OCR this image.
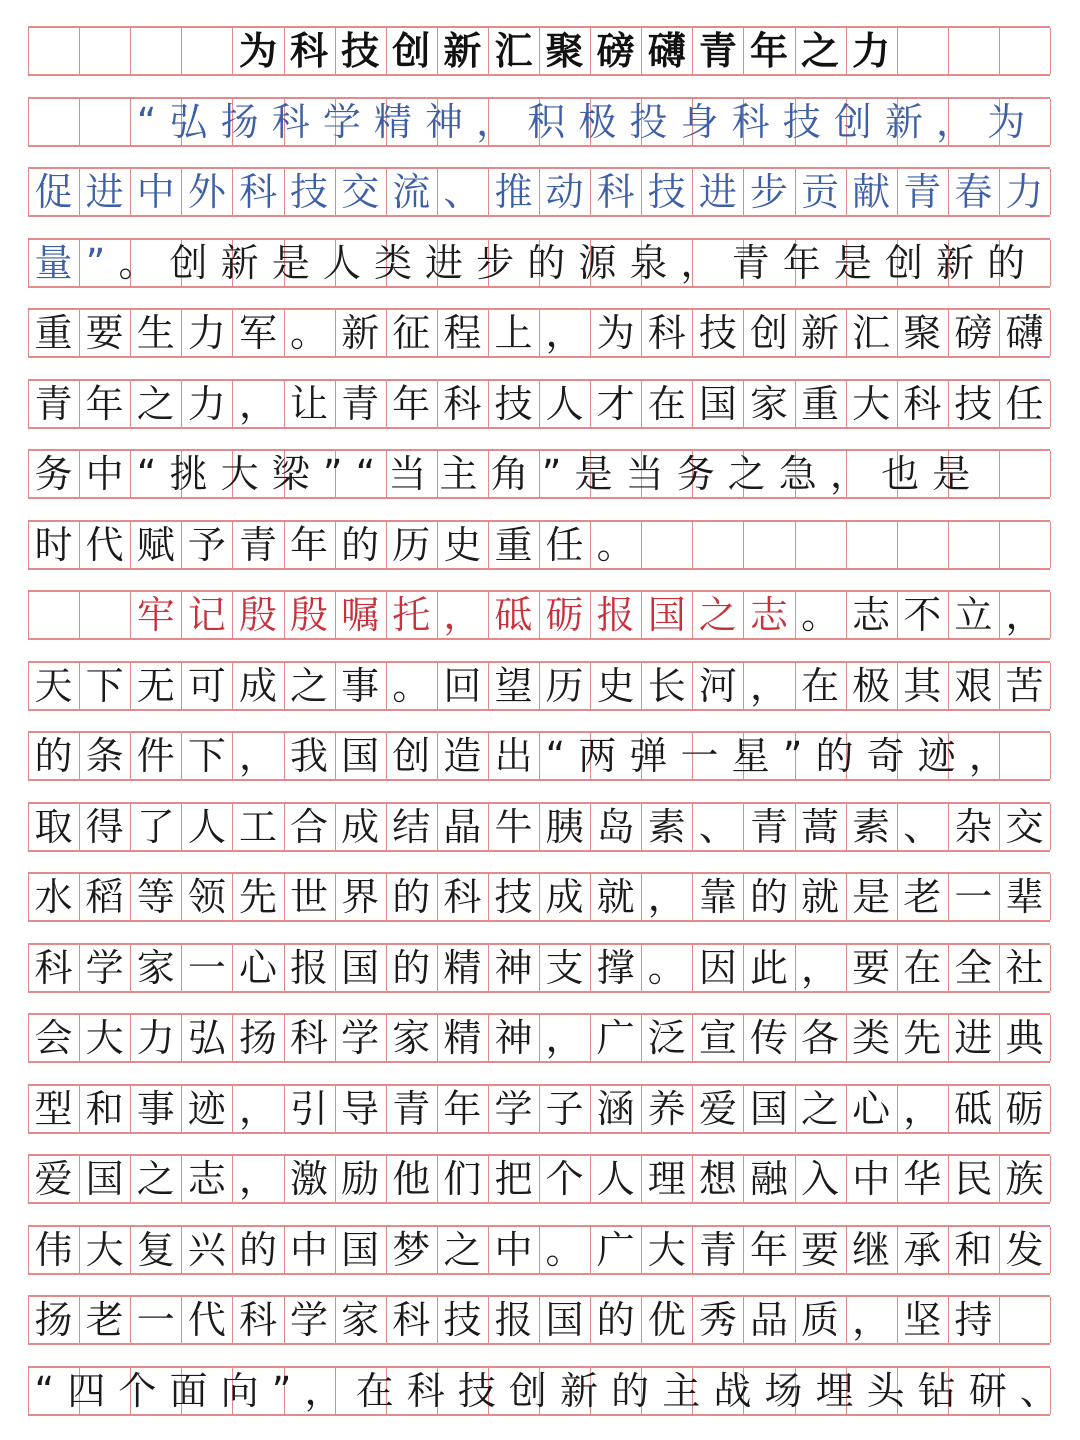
为科技创新汇聚磅礴青年之力
“弘扬科学精神，积极投身科技创新，为
促进中外科技交流、推动科技进步贡献青春力
量”。创新是人类进步的源泉，青年是创新的
重要生力军。新征程上，为科技创新汇聚磅礴
青年之力，让青年科技人才在国家重大科技任
务中“挑大梁”“当主角”是当务之急，也是
时代赋予青年的历史重任。
牢记殷殷嘱托，砥砺报国之志。志不立，
天下无可成之事。回望历史长河，在极其艰苦
的条件下，我国创造出“两弹一星”的奇迹，
取得了人工合成结晶牛胰岛素、青蒿素、杂交
水稻等领先世界的科技成就，靠的就是老一辈
科学家一心报国的精神支撑。因此，要在全社
会大力弘扬科学家精神，广泛宣传各类先进典
型和事迹，引导青年学子涵养爱国之心，砥砺
爱国之志，激励他们把个人理想融入中华民族
伟大复兴的中国梦之中。广大青年要继承和发
扬老一代科学家科技报国的优秀品质，坚持
“四个面向”，在科技创新的主战场埋头钻研、
